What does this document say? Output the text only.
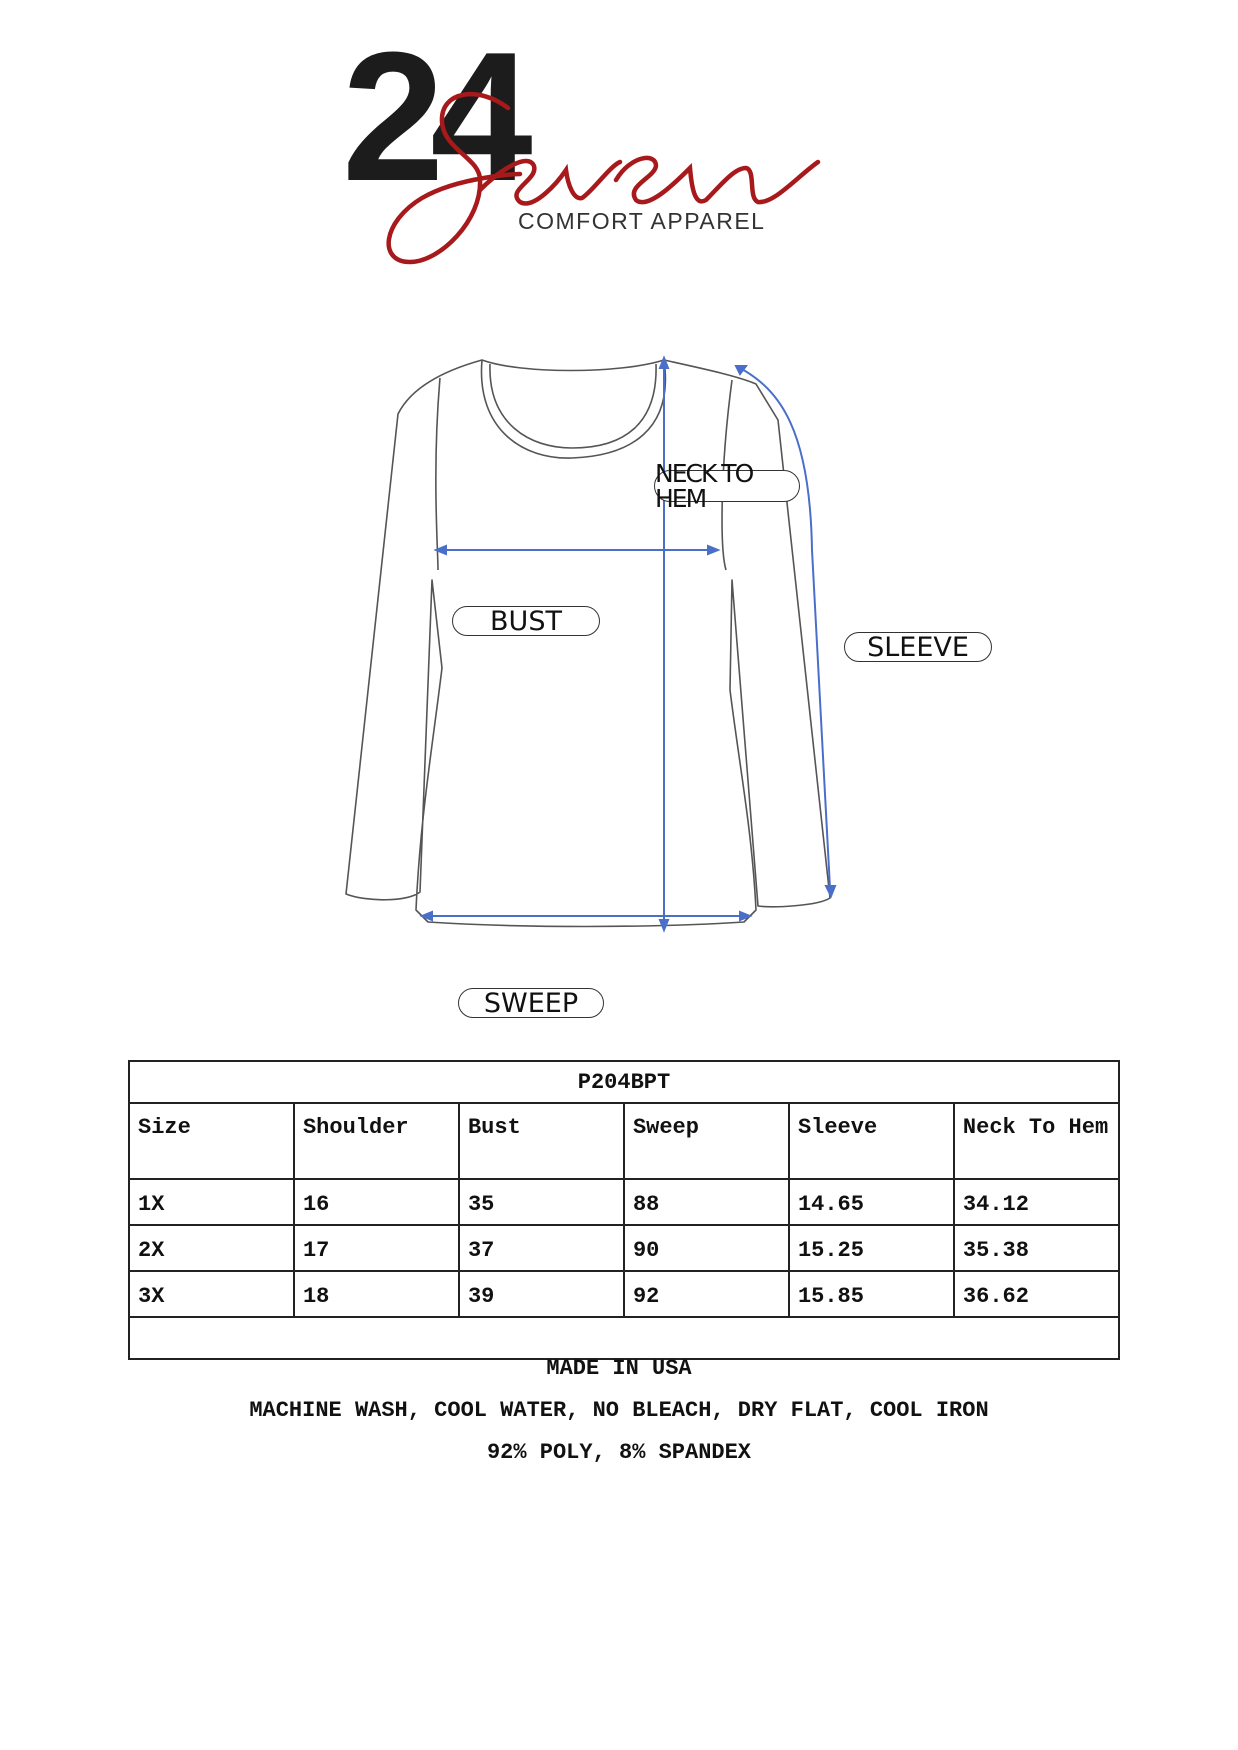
24
COMFORT APPAREL
NECK TO HEM
BUST
SLEEVE
SWEEP
P204BPT					
Size	Shoulder	Bust	Sweep	Sleeve	Neck To Hem
1X	16	35	88	14.65	34.12
2X	17	37	90	15.25	35.38
3X	18	39	92	15.85	36.62

MADE IN USA
MACHINE WASH, COOL WATER, NO BLEACH, DRY FLAT, COOL IRON
92% POLY, 8% SPANDEX
